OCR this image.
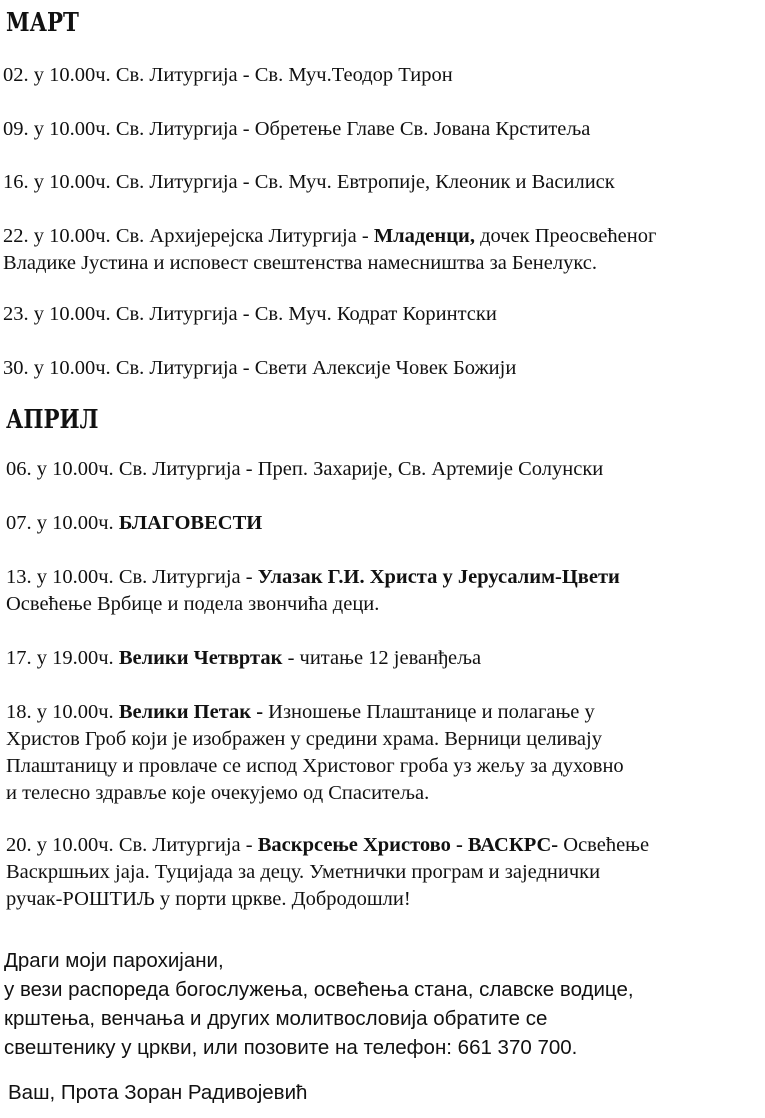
МАРТ
02. у 10.00ч. Св. Литургија - Св. Муч.Теодор Тирон
09. у 10.00ч. Св. Литургија - Обретење Главе Св. Јована Крститеља
16. у 10.00ч. Св. Литургија - Св. Муч. Евтропије, Клеоник и Василиск
22. у 10.00ч. Св. Архијерејска Литургија - Младенци, дочек Преосвећеног
Владике Јустина и исповест свештенства намесништва за Бенелукс.
23. у 10.00ч. Св. Литургија - Св. Муч. Кодрат Коринтски
30. у 10.00ч. Св. Литургија - Свети Алексије Човек Божији
АПРИЛ
06. у 10.00ч. Св. Литургија - Преп. Захарије, Св. Артемије Солунски
07. у 10.00ч. БЛАГОВЕСТИ
13. у 10.00ч. Св. Литургија - Улазак Г.И. Христа у Јерусалим-Цвети
Освећење Врбице и подела звончића деци.
17. у 19.00ч. Велики Четвртак - читање 12 јеванђеља
18. у 10.00ч. Велики Петак - Изношење Плаштанице и полагање у
Христов Гроб који је изображен у средини храма. Верници целивају
Плаштаницу и провлаче се испод Христовог гроба уз жељу за духовно
и телесно здравље које очекујемо од Спаситеља.
20. у 10.00ч. Св. Литургија - Васкрсење Христово - ВАСКРС- Освећење
Васкршњих јаја. Туцијада за децу. Уметнички програм и заједнички
ручак-РОШТИЉ у порти цркве. Добродошли!
Драги моји парохијани,
у вези распореда богослужења, освећења стана, славске водице,
крштења, венчања и других молитвословија обратите се
свештенику у цркви, или позовите на телефон: 661 370 700.
Ваш, Прота Зоран Радивојевић
